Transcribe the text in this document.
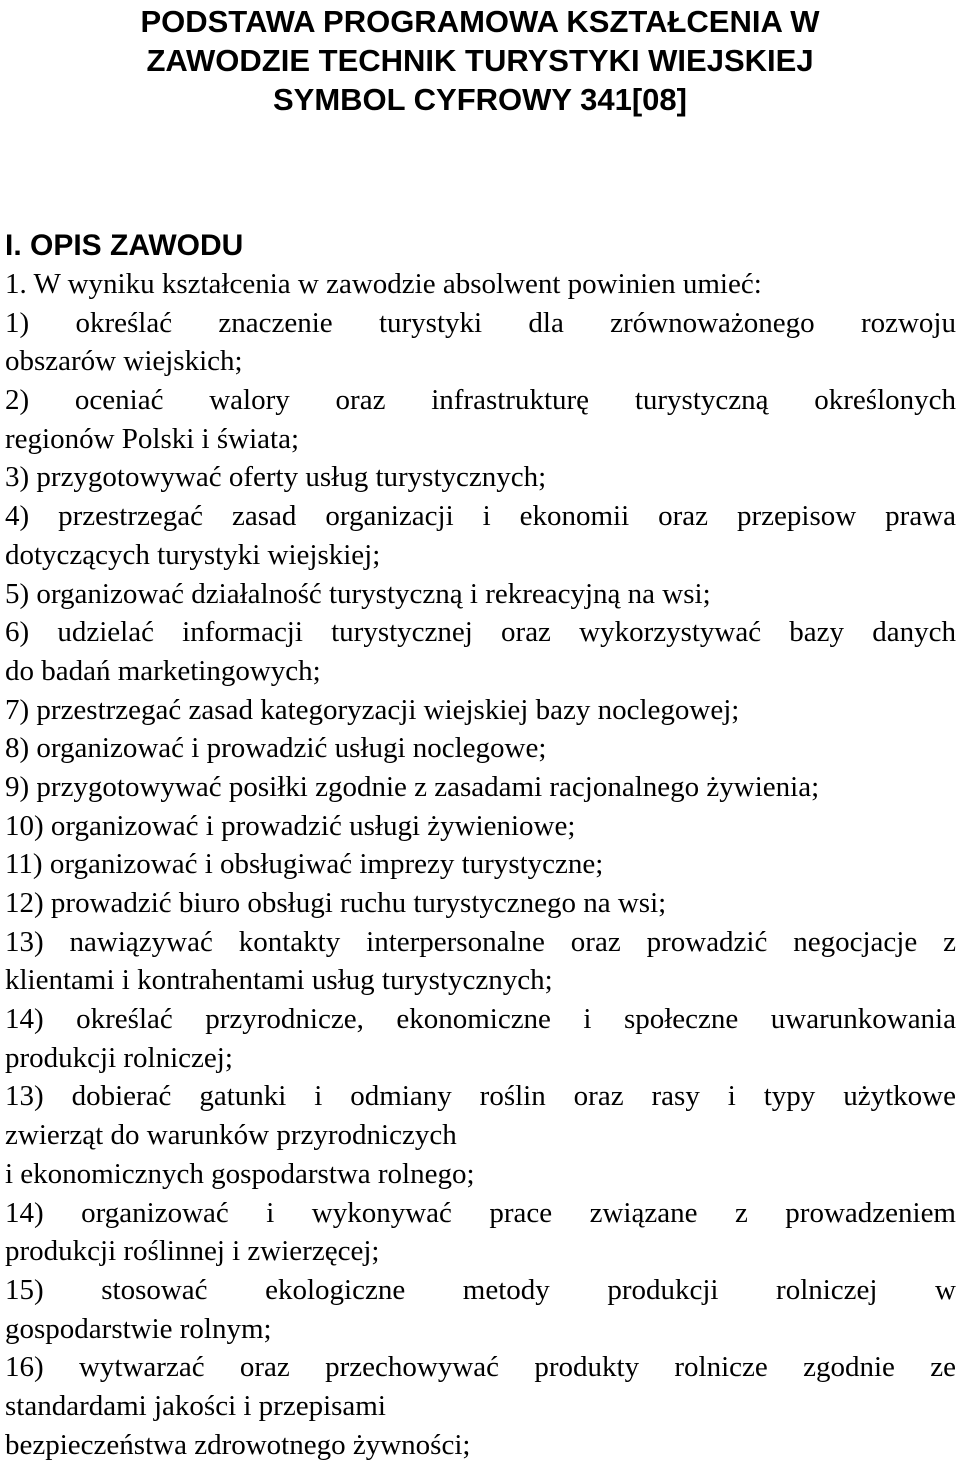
PODSTAWA PROGRAMOWA KSZTAŁCENIA W
ZAWODZIE TECHNIK TURYSTYKI WIEJSKIEJ
SYMBOL CYFROWY 341[08]
I. OPIS ZAWODU
1. W wyniku kształcenia w zawodzie absolwent powinien umieć:
1) określać znaczenie turystyki dla zrównoważonego rozwoju
obszarów wiejskich;
2) oceniać walory oraz infrastrukturę turystyczną określonych
regionów Polski i świata;
3) przygotowywać oferty usług turystycznych;
4) przestrzegać zasad organizacji i ekonomii oraz przepisow prawa
dotyczących turystyki wiejskiej;
5) organizować działalność turystyczną i rekreacyjną na wsi;
6) udzielać informacji turystycznej oraz wykorzystywać bazy danych
do badań marketingowych;
7) przestrzegać zasad kategoryzacji wiejskiej bazy noclegowej;
8) organizować i prowadzić usługi noclegowe;
9) przygotowywać posiłki zgodnie z zasadami racjonalnego żywienia;
10) organizować i prowadzić usługi żywieniowe;
11) organizować i obsługiwać imprezy turystyczne;
12) prowadzić biuro obsługi ruchu turystycznego na wsi;
13) nawiązywać kontakty interpersonalne oraz prowadzić negocjacje z
klientami i kontrahentami usług turystycznych;
14) określać przyrodnicze, ekonomiczne i społeczne uwarunkowania
produkcji rolniczej;
13) dobierać gatunki i odmiany roślin oraz rasy i typy użytkowe
zwierząt do warunków przyrodniczych
i ekonomicznych gospodarstwa rolnego;
14) organizować i wykonywać prace związane z prowadzeniem
produkcji roślinnej i zwierzęcej;
15) stosować ekologiczne metody produkcji rolniczej w
gospodarstwie rolnym;
16) wytwarzać oraz przechowywać produkty rolnicze zgodnie ze
standardami jakości i przepisami
bezpieczeństwa zdrowotnego żywności;
